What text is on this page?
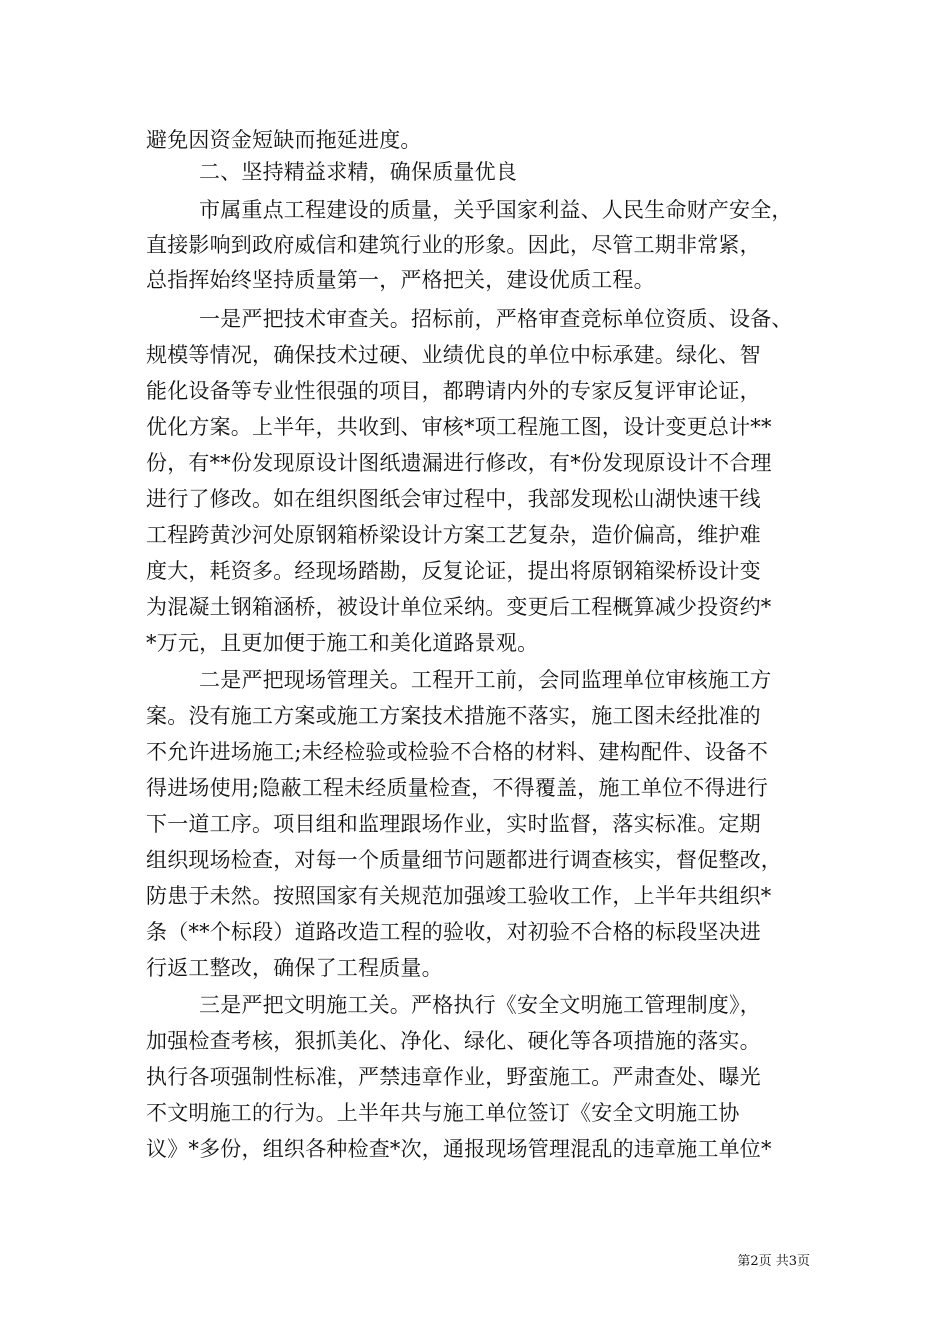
避免因资金短缺而拖延进度。
二、坚持精益求精，确保质量优良
市属重点工程建设的质量，关乎国家利益、人民生命财产安全，
直接影响到政府威信和建筑行业的形象。因此，尽管工期非常紧，
总指挥始终坚持质量第一，严格把关，建设优质工程。
一是严把技术审查关。招标前，严格审查竞标单位资质、设备、
规模等情况，确保技术过硬、业绩优良的单位中标承建。绿化、智
能化设备等专业性很强的项目，都聘请内外的专家反复评审论证，
优化方案。上半年，共收到、审核*项工程施工图，设计变更总计**
份，有**份发现原设计图纸遗漏进行修改，有*份发现原设计不合理
进行了修改。如在组织图纸会审过程中，我部发现松山湖快速干线
工程跨黄沙河处原钢箱桥梁设计方案工艺复杂，造价偏高，维护难
度大，耗资多。经现场踏勘，反复论证，提出将原钢箱梁桥设计变
为混凝土钢箱涵桥，被设计单位采纳。变更后工程概算减少投资约*
*万元，且更加便于施工和美化道路景观。
二是严把现场管理关。工程开工前，会同监理单位审核施工方
案。没有施工方案或施工方案技术措施不落实，施工图未经批准的
不允许进场施工;未经检验或检验不合格的材料、建构配件、设备不
得进场使用;隐蔽工程未经质量检查，不得覆盖，施工单位不得进行
下一道工序。项目组和监理跟场作业，实时监督，落实标准。定期
组织现场检查，对每一个质量细节问题都进行调查核实，督促整改，
防患于未然。按照国家有关规范加强竣工验收工作，上半年共组织*
条（**个标段）道路改造工程的验收，对初验不合格的标段坚决进
行返工整改，确保了工程质量。
三是严把文明施工关。严格执行《安全文明施工管理制度》，
加强检查考核，狠抓美化、净化、绿化、硬化等各项措施的落实。
执行各项强制性标准，严禁违章作业，野蛮施工。严肃查处、曝光
不文明施工的行为。上半年共与施工单位签订《安全文明施工协
议》*多份，组织各种检查*次，通报现场管理混乱的违章施工单位*
第2页 共3页
